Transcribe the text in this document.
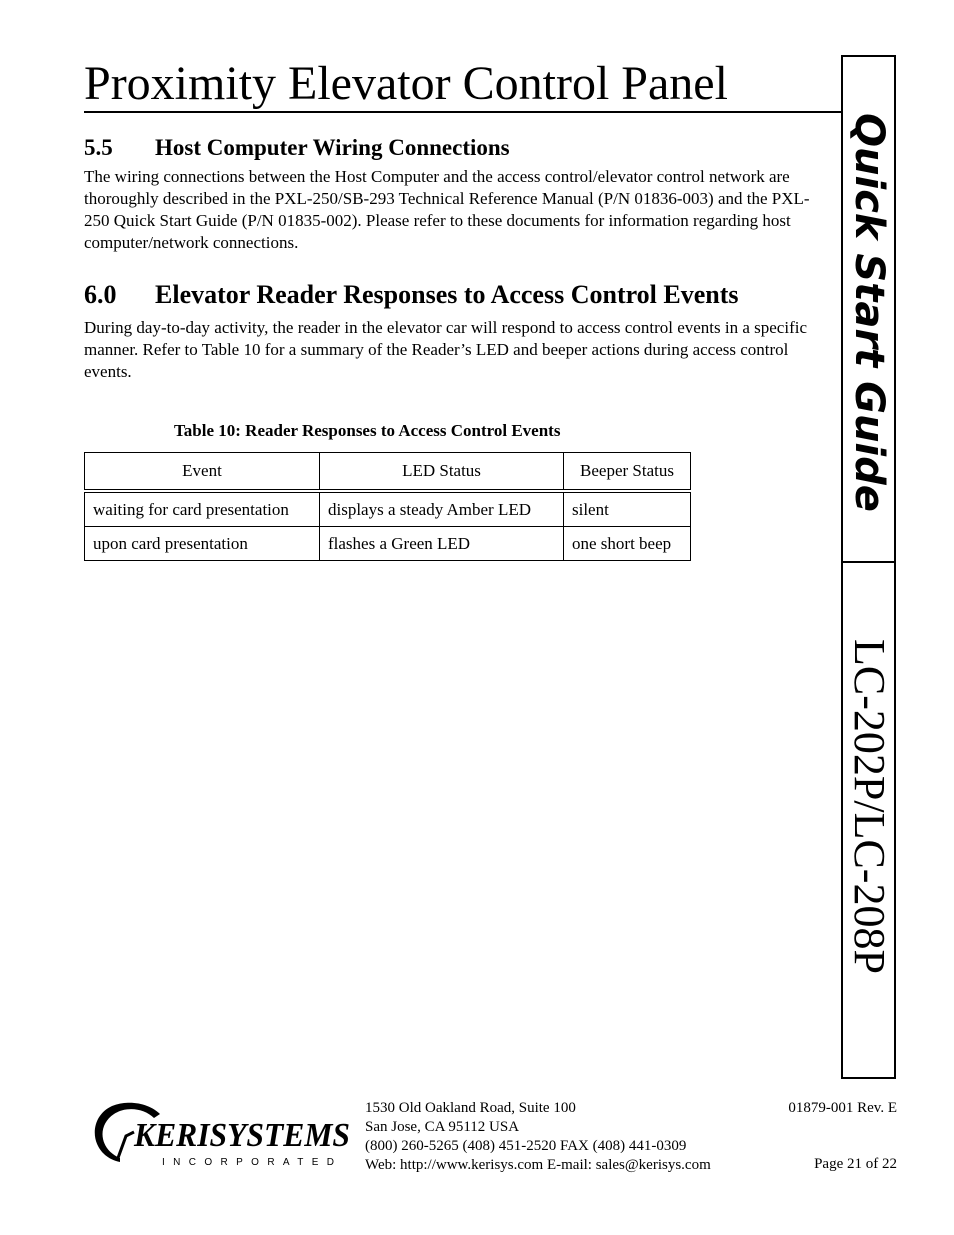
Proximity Elevator Control Panel
Quick Start Guide
LC-202P/LC-208P
5.5 Host Computer Wiring Connections

The wiring connections between the Host Computer and the access control/elevator control network are thoroughly described in the PXL-250/SB-293 Technical Reference Manual (P/N 01836-003) and the PXL-250 Quick Start Guide (P/N 01835-002). Please refer to these documents for information regarding host computer/network connections.

6.0 Elevator Reader Responses to Access Control Events

During day-to-day activity, the reader in the elevator car will respond to access control events in a specific manner. Refer to Table 10 for a summary of the Reader’s LED and beeper actions during access control events.

Table 10: Reader Responses to Access Control Events
Event	LED Status	Beeper Status
waiting for card presentation	displays a steady Amber LED	silent
upon card presentation	flashes a Green LED	one short beep
KERISYSTEMS
INCORPORATED
1530 Old Oakland Road, Suite 100
San Jose, CA 95112 USA
(800) 260-5265 (408) 451-2520 FAX (408) 441-0309
Web: http://www.kerisys.com E-mail: sales@kerisys.com
01879-001 Rev. E
Page 21 of 22
